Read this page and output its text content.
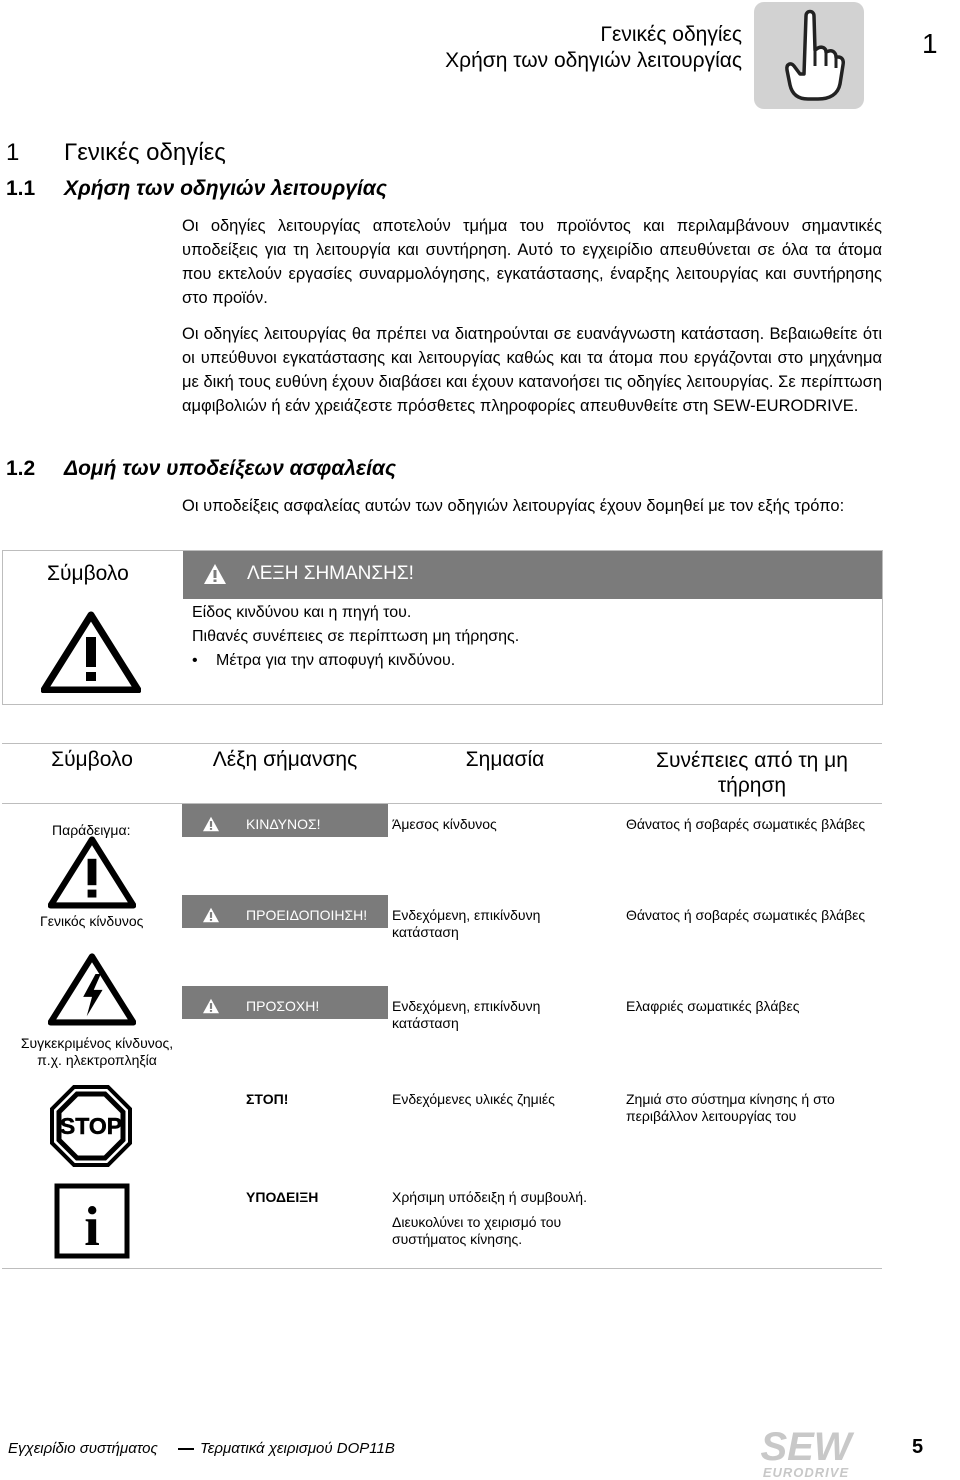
Γενικές οδηγίες
Χρήση των οδηγιών λειτουργίας
1
1 Γενικές οδηγίες
1.1 Χρήση των οδηγιών λειτουργίας

Οι οδηγίες λειτουργίας αποτελούν τμήμα του προϊόντος και περιλαμβάνουν σημαντικές υποδείξεις για τη λειτουργία και συντήρηση. Αυτό το εγχειρίδιο απευθύνεται σε όλα τα άτομα που εκτελούν εργασίες συναρμολόγησης, εγκατάστασης, έναρξης λειτουργίας και συντήρησης στο προϊόν.

Οι οδηγίες λειτουργίας θα πρέπει να διατηρούνται σε ευανάγνωστη κατάσταση. Βεβαιωθείτε ότι οι υπεύθυνοι εγκατάστασης και λειτουργίας καθώς και τα άτομα που εργάζονται στο μηχάνημα με δική τους ευθύνη έχουν διαβάσει και έχουν κατανοήσει τις οδηγίες λειτουργίας. Σε περίπτωση αμφιβολιών ή εάν χρειάζεστε πρόσθετες πληροφορίες απευθυνθείτε στη SEW-EURODRIVE.

1.2 Δομή των υποδείξεων ασφαλείας
Οι υποδείξεις ασφαλείας αυτών των οδηγιών λειτουργίας έχουν δομηθεί με τον εξής τρόπο:
Σύμβολο	ΛΕΞΗ ΣΗΜΑΝΣΗΣ!
Είδος κινδύνου και η πηγή του.
Πιθανές συνέπειες σε περίπτωση μη τήρησης.
• Μέτρα για την αποφυγή κινδύνου.
Σύμβολο	Λέξη σήμανσης	Σημασία	Συνέπειες από τη μη τήρηση

Παράδειγμα:	ΚΙΝΔΥΝΟΣ!	Άμεσος κίνδυνος	Θάνατος ή σοβαρές σωματικές βλάβες

Γενικός κίνδυνος	ΠΡΟΕΙΔΟΠΟΙΗΣΗ!	Ενδεχόμενη, επικίνδυνη κατάσταση	Θάνατος ή σοβαρές σωματικές βλάβες

Συγκεκριμένος κίνδυνος,
π.χ. ηλεκτροπληξία	ΠΡΟΣΟΧΗ!	Ενδεχόμενη, επικίνδυνη κατάσταση	Ελαφριές σωματικές βλάβες

STOP	ΣΤΟΠ!	Ενδεχόμενες υλικές ζημιές	Ζημιά στο σύστημα κίνησης ή στο περιβάλλον λειτουργίας του

i	ΥΠΟΔΕΙΞΗ	Χρήσιμη υπόδειξη ή συμβουλή.
Διευκολύνει το χειρισμό του συστήματος κίνησης.	

Εγχειρίδιο συστήματος	Τερματικά χειρισμού DOP11B	SEW
EURODRIVE
5
